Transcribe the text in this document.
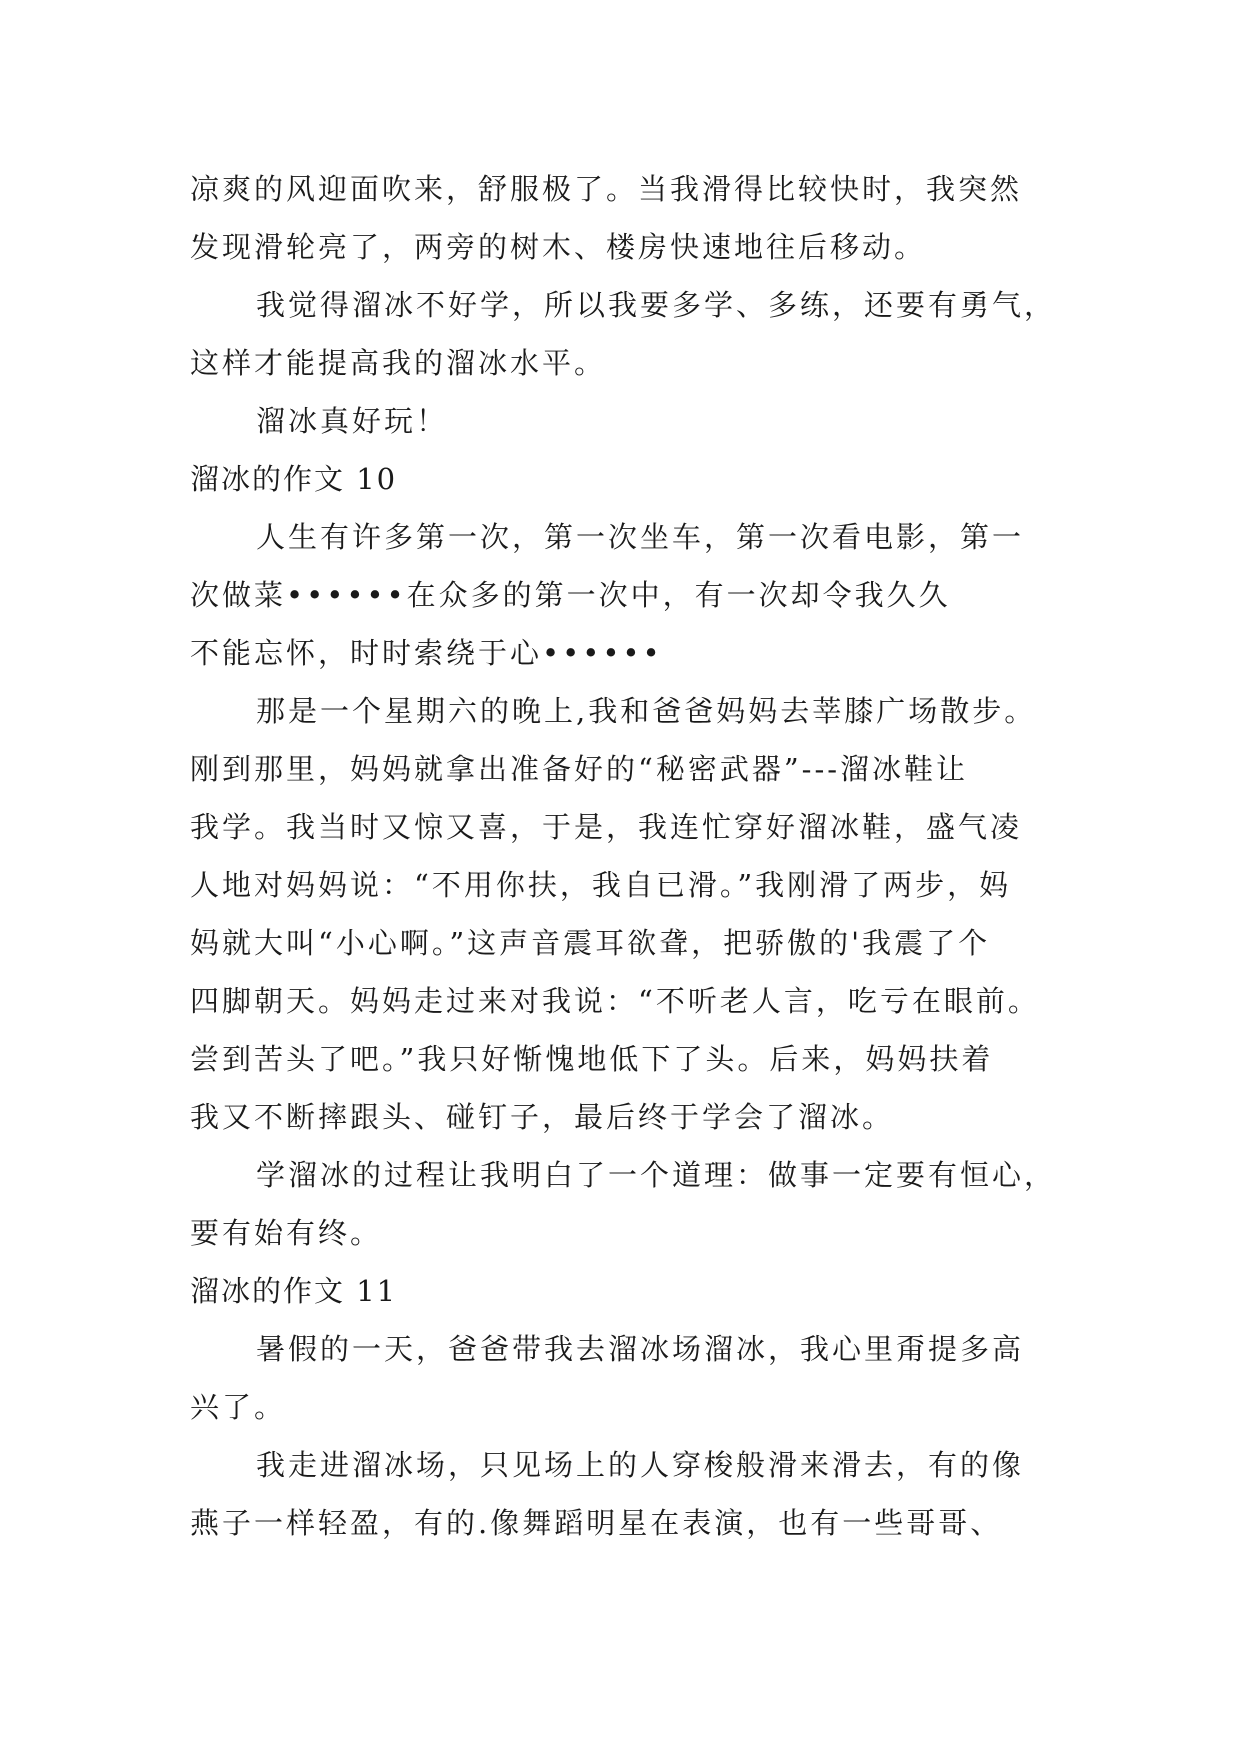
凉爽的风迎面吹来，舒服极了。当我滑得比较快时，我突然
发现滑轮亮了，两旁的树木、楼房快速地往后移动。
我觉得溜冰不好学，所以我要多学、多练，还要有勇气，
这样才能提高我的溜冰水平。
溜冰真好玩！
溜冰的作文 10
人生有许多第一次，第一次坐车，第一次看电影，第一
次做菜••••••在众多的第一次中，有一次却令我久久
不能忘怀，时时索绕于心••••••
那是一个星期六的晚上,我和爸爸妈妈去莘膝广场散步。
刚到那里，妈妈就拿出准备好的“秘密武器”---溜冰鞋让
我学。我当时又惊又喜，于是，我连忙穿好溜冰鞋，盛气凌
人地对妈妈说：“不用你扶，我自已滑。”我刚滑了两步，妈
妈就大叫“小心啊。”这声音震耳欲聋，把骄傲的'我震了个
四脚朝天。妈妈走过来对我说：“不听老人言，吃亏在眼前。
尝到苦头了吧。”我只好惭愧地低下了头。后来，妈妈扶着
我又不断摔跟头、碰钉子，最后终于学会了溜冰。
学溜冰的过程让我明白了一个道理：做事一定要有恒心，
要有始有终。
溜冰的作文 11
暑假的一天，爸爸带我去溜冰场溜冰，我心里甭提多高
兴了。
我走进溜冰场，只见场上的人穿梭般滑来滑去，有的像
燕子一样轻盈，有的.像舞蹈明星在表演，也有一些哥哥、
